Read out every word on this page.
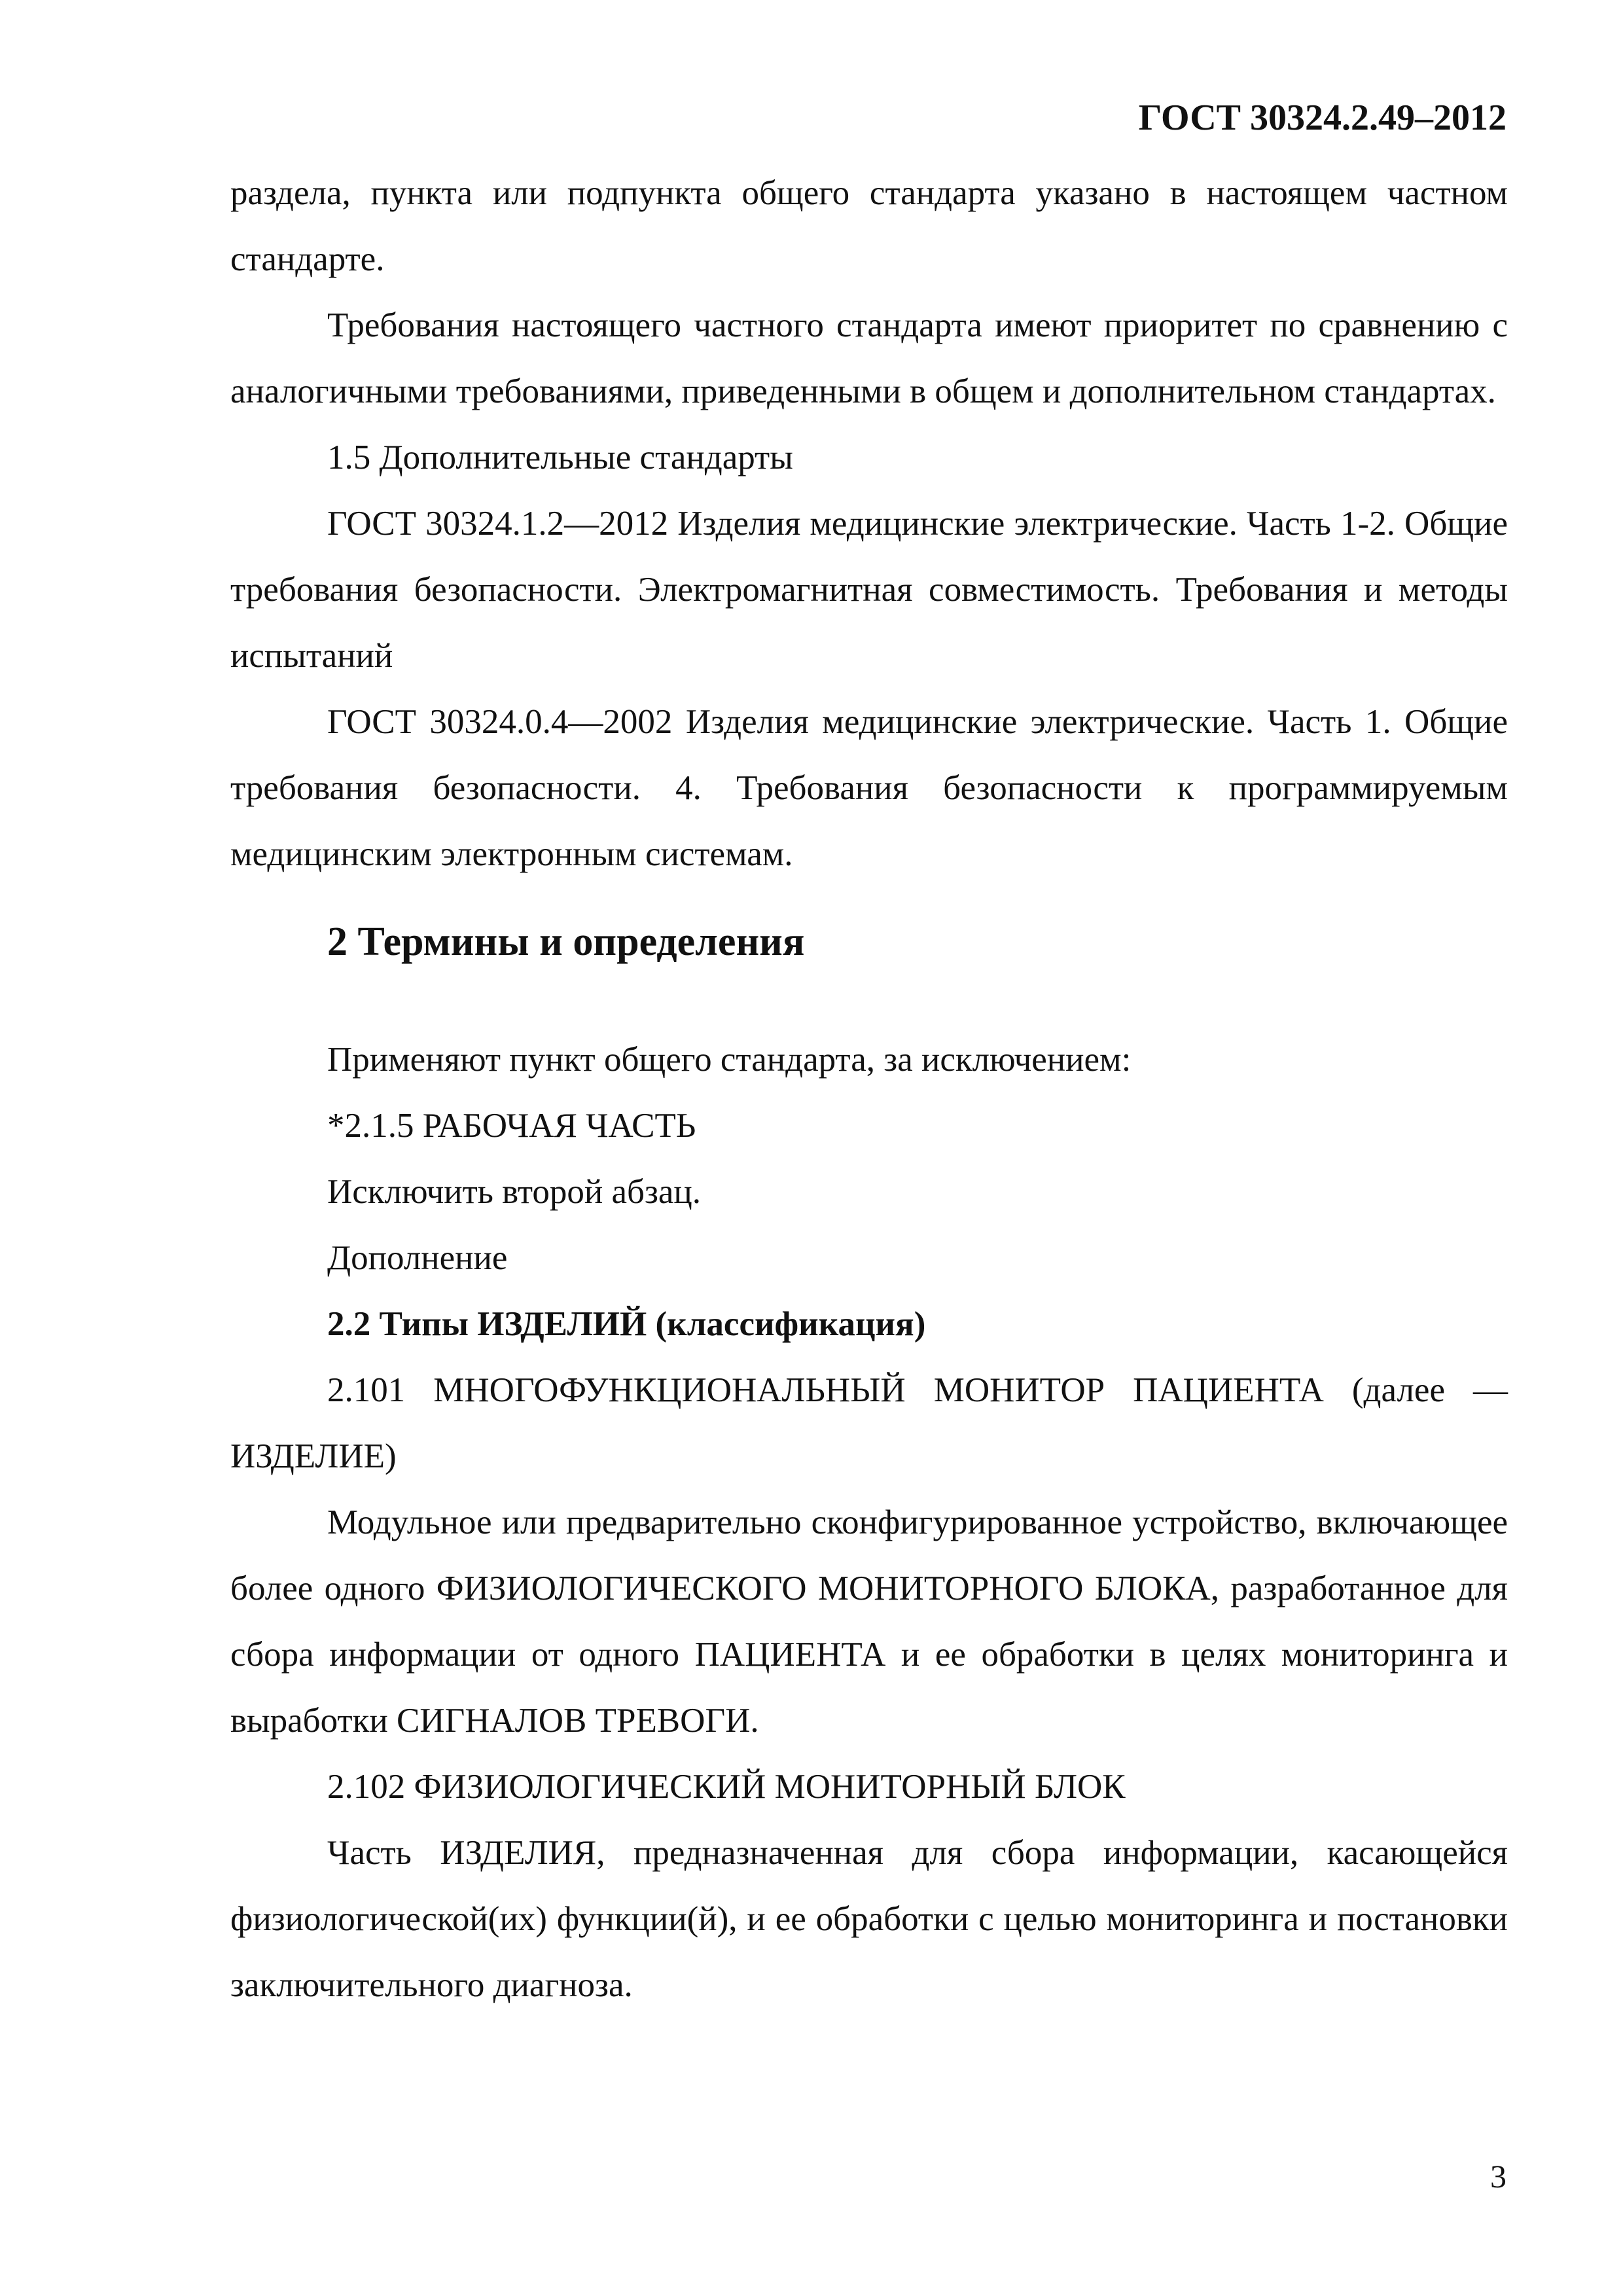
ГОСТ 30324.2.49–2012

раздела, пункта или подпункта общего стандарта указано в настоящем частном стандарте.

Требования настоящего частного стандарта имеют приоритет по сравнению с аналогичными требованиями, приведенными в общем и дополнительном стандартах.

1.5 Дополнительные стандарты

ГОСТ 30324.1.2—2012 Изделия медицинские электрические. Часть 1-2. Общие требования безопасности. Электромагнитная совместимость. Требования и методы испытаний

ГОСТ 30324.0.4—2002 Изделия медицинские электрические. Часть 1. Общие требования безопасности. 4. Требования безопасности к программируемым медицинским электронным системам.

2 Термины и определения

Применяют пункт общего стандарта, за исключением:

*2.1.5 РАБОЧАЯ ЧАСТЬ

Исключить второй абзац.

Дополнение

2.2 Типы ИЗДЕЛИЙ (классификация)

2.101 МНОГОФУНКЦИОНАЛЬНЫЙ МОНИТОР ПАЦИЕНТА (далее — ИЗДЕЛИЕ)

Модульное или предварительно сконфигурированное устройство, включающее более одного ФИЗИОЛОГИЧЕСКОГО МОНИТОРНОГО БЛОКА, разработанное для сбора информации от одного ПАЦИЕНТА и ее обработки в целях мониторинга и выработки СИГНАЛОВ ТРЕВОГИ.

2.102 ФИЗИОЛОГИЧЕСКИЙ МОНИТОРНЫЙ БЛОК

Часть ИЗДЕЛИЯ, предназначенная для сбора информации, касающейся физиологической(их) функции(й), и ее обработки с целью мониторинга и постановки заключительного диагноза.

3
